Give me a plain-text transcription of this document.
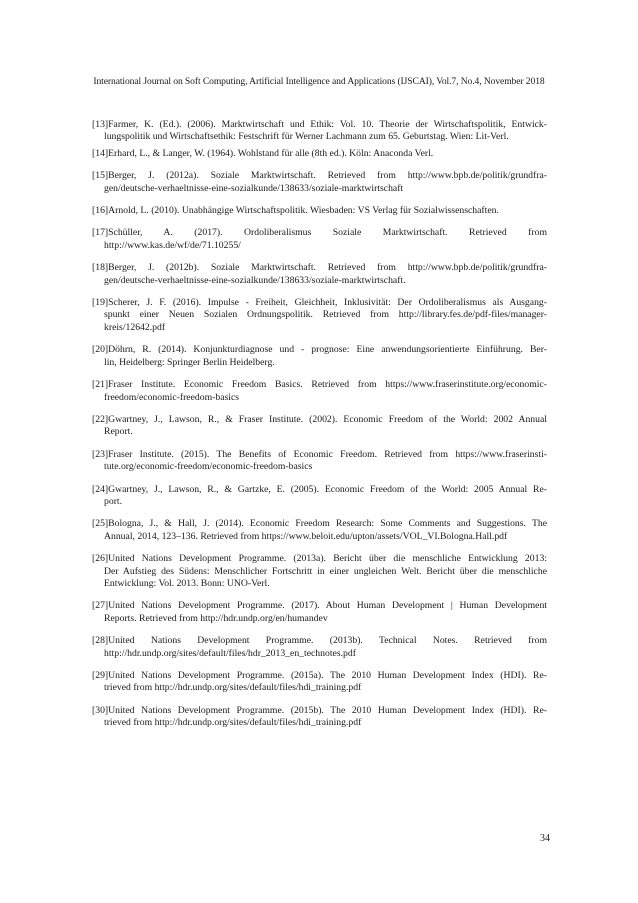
International Journal on Soft Computing, Artificial Intelligence and Applications (IJSCAI), Vol.7, No.4, November 2018
[13]Farmer, K. (Ed.). (2006). Marktwirtschaft und Ethik: Vol. 10. Theorie der Wirtschaftspolitik, Entwick-
lungspolitik und Wirtschaftsethik: Festschrift für Werner Lachmann zum 65. Geburtstag. Wien: Lit-Verl.
[14]Erhard, L., & Langer, W. (1964). Wohlstand für alle (8th ed.). Köln: Anaconda Verl.
[15]Berger, J. (2012a). Soziale Marktwirtschaft. Retrieved from http://www.bpb.de/politik/grundfra-
gen/deutsche-verhaeltnisse-eine-sozialkunde/138633/soziale-marktwirtschaft
[16]Arnold, L. (2010). Unabhängige Wirtschaftspolitik. Wiesbaden: VS Verlag für Sozialwissenschaften.
[17]Schüller, A. (2017). Ordoliberalismus Soziale Marktwirtschaft. Retrieved from
http://www.kas.de/wf/de/71.10255/
[18]Berger, J. (2012b). Soziale Marktwirtschaft. Retrieved from http://www.bpb.de/politik/grundfra-
gen/deutsche-verhaeltnisse-eine-sozialkunde/138633/soziale-marktwirtschaft.
[19]Scherer, J. F. (2016). Impulse - Freiheit, Gleichheit, Inklusivität: Der Ordoliberalismus als Ausgang-
spunkt einer Neuen Sozialen Ordnungspolitik. Retrieved from http://library.fes.de/pdf-files/manager-kreis/12642.pdf
[20]Döhrn, R. (2014). Konjunkturdiagnose und - prognose: Eine anwendungsorientierte Einführung. Ber-
lin, Heidelberg: Springer Berlin Heidelberg.
[21]Fraser Institute. Economic Freedom Basics. Retrieved from https://www.fraserinstitute.org/economic-
freedom/economic-freedom-basics
[22]Gwartney, J., Lawson, R., & Fraser Institute. (2002). Economic Freedom of the World: 2002 Annual
Report.
[23]Fraser Institute. (2015). The Benefits of Economic Freedom. Retrieved from https://www.fraserinsti-
tute.org/economic-freedom/economic-freedom-basics
[24]Gwartney, J., Lawson, R., & Gartzke, E. (2005). Economic Freedom of the World: 2005 Annual Re-
port.
[25]Bologna, J., & Hall, J. (2014). Economic Freedom Research: Some Comments and Suggestions. The
Annual, 2014, 123–136. Retrieved from https://www.beloit.edu/upton/assets/VOL_VI.Bologna.Hall.pdf
[26]United Nations Development Programme. (2013a). Bericht über die menschliche Entwicklung 2013:
Der Aufstieg des Südens: Menschlicher Fortschritt in einer ungleichen Welt. Bericht über die menschliche Entwicklung: Vol. 2013. Bonn: UNO-Verl.
[27]United Nations Development Programme. (2017). About Human Development | Human Development
Reports. Retrieved from http://hdr.undp.org/en/humandev
[28]United Nations Development Programme. (2013b). Technical Notes. Retrieved from
http://hdr.undp.org/sites/default/files/hdr_2013_en_technotes.pdf
[29]United Nations Development Programme. (2015a). The 2010 Human Development Index (HDI). Re-
trieved from http://hdr.undp.org/sites/default/files/hdi_training.pdf
[30]United Nations Development Programme. (2015b). The 2010 Human Development Index (HDI). Re-
trieved from http://hdr.undp.org/sites/default/files/hdi_training.pdf
34
